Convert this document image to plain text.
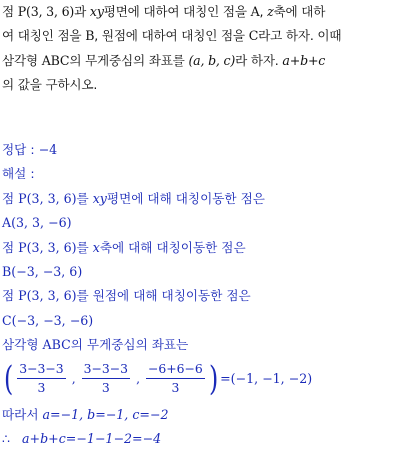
점 P(3, 3, 6)과 xy평면에 대하여 대칭인 점을 A, z축에 대하

여 대칭인 점을 B, 원점에 대하여 대칭인 점을 C라고 하자. 이때

삼각형 ABC의 무게중심의 좌표를 (a, b, c)라 하자. a+b+c

의 값을 구하시오.

정답 : −4
해설 :
점 P(3, 3, 6)를 xy평면에 대해 대칭이동한 점은
A(3, 3, −6)
점 P(3, 3, 6)를 x축에 대해 대칭이동한 점은
B(−3, −3, 6)
점 P(3, 3, 6)를 원점에 대해 대칭이동한 점은
C(−3, −3, −6)
삼각형 ABC의 무게중심의 좌표는
( $\frac{3-3-3}{3}$ , $\frac{3-3-3}{3}$ , $\frac{-6+6-6}{3}$ ) =(−1, −1, −2)
따라서 a=−1, b=−1, c=−2
∴ a+b+c=−1−1−2=−4
